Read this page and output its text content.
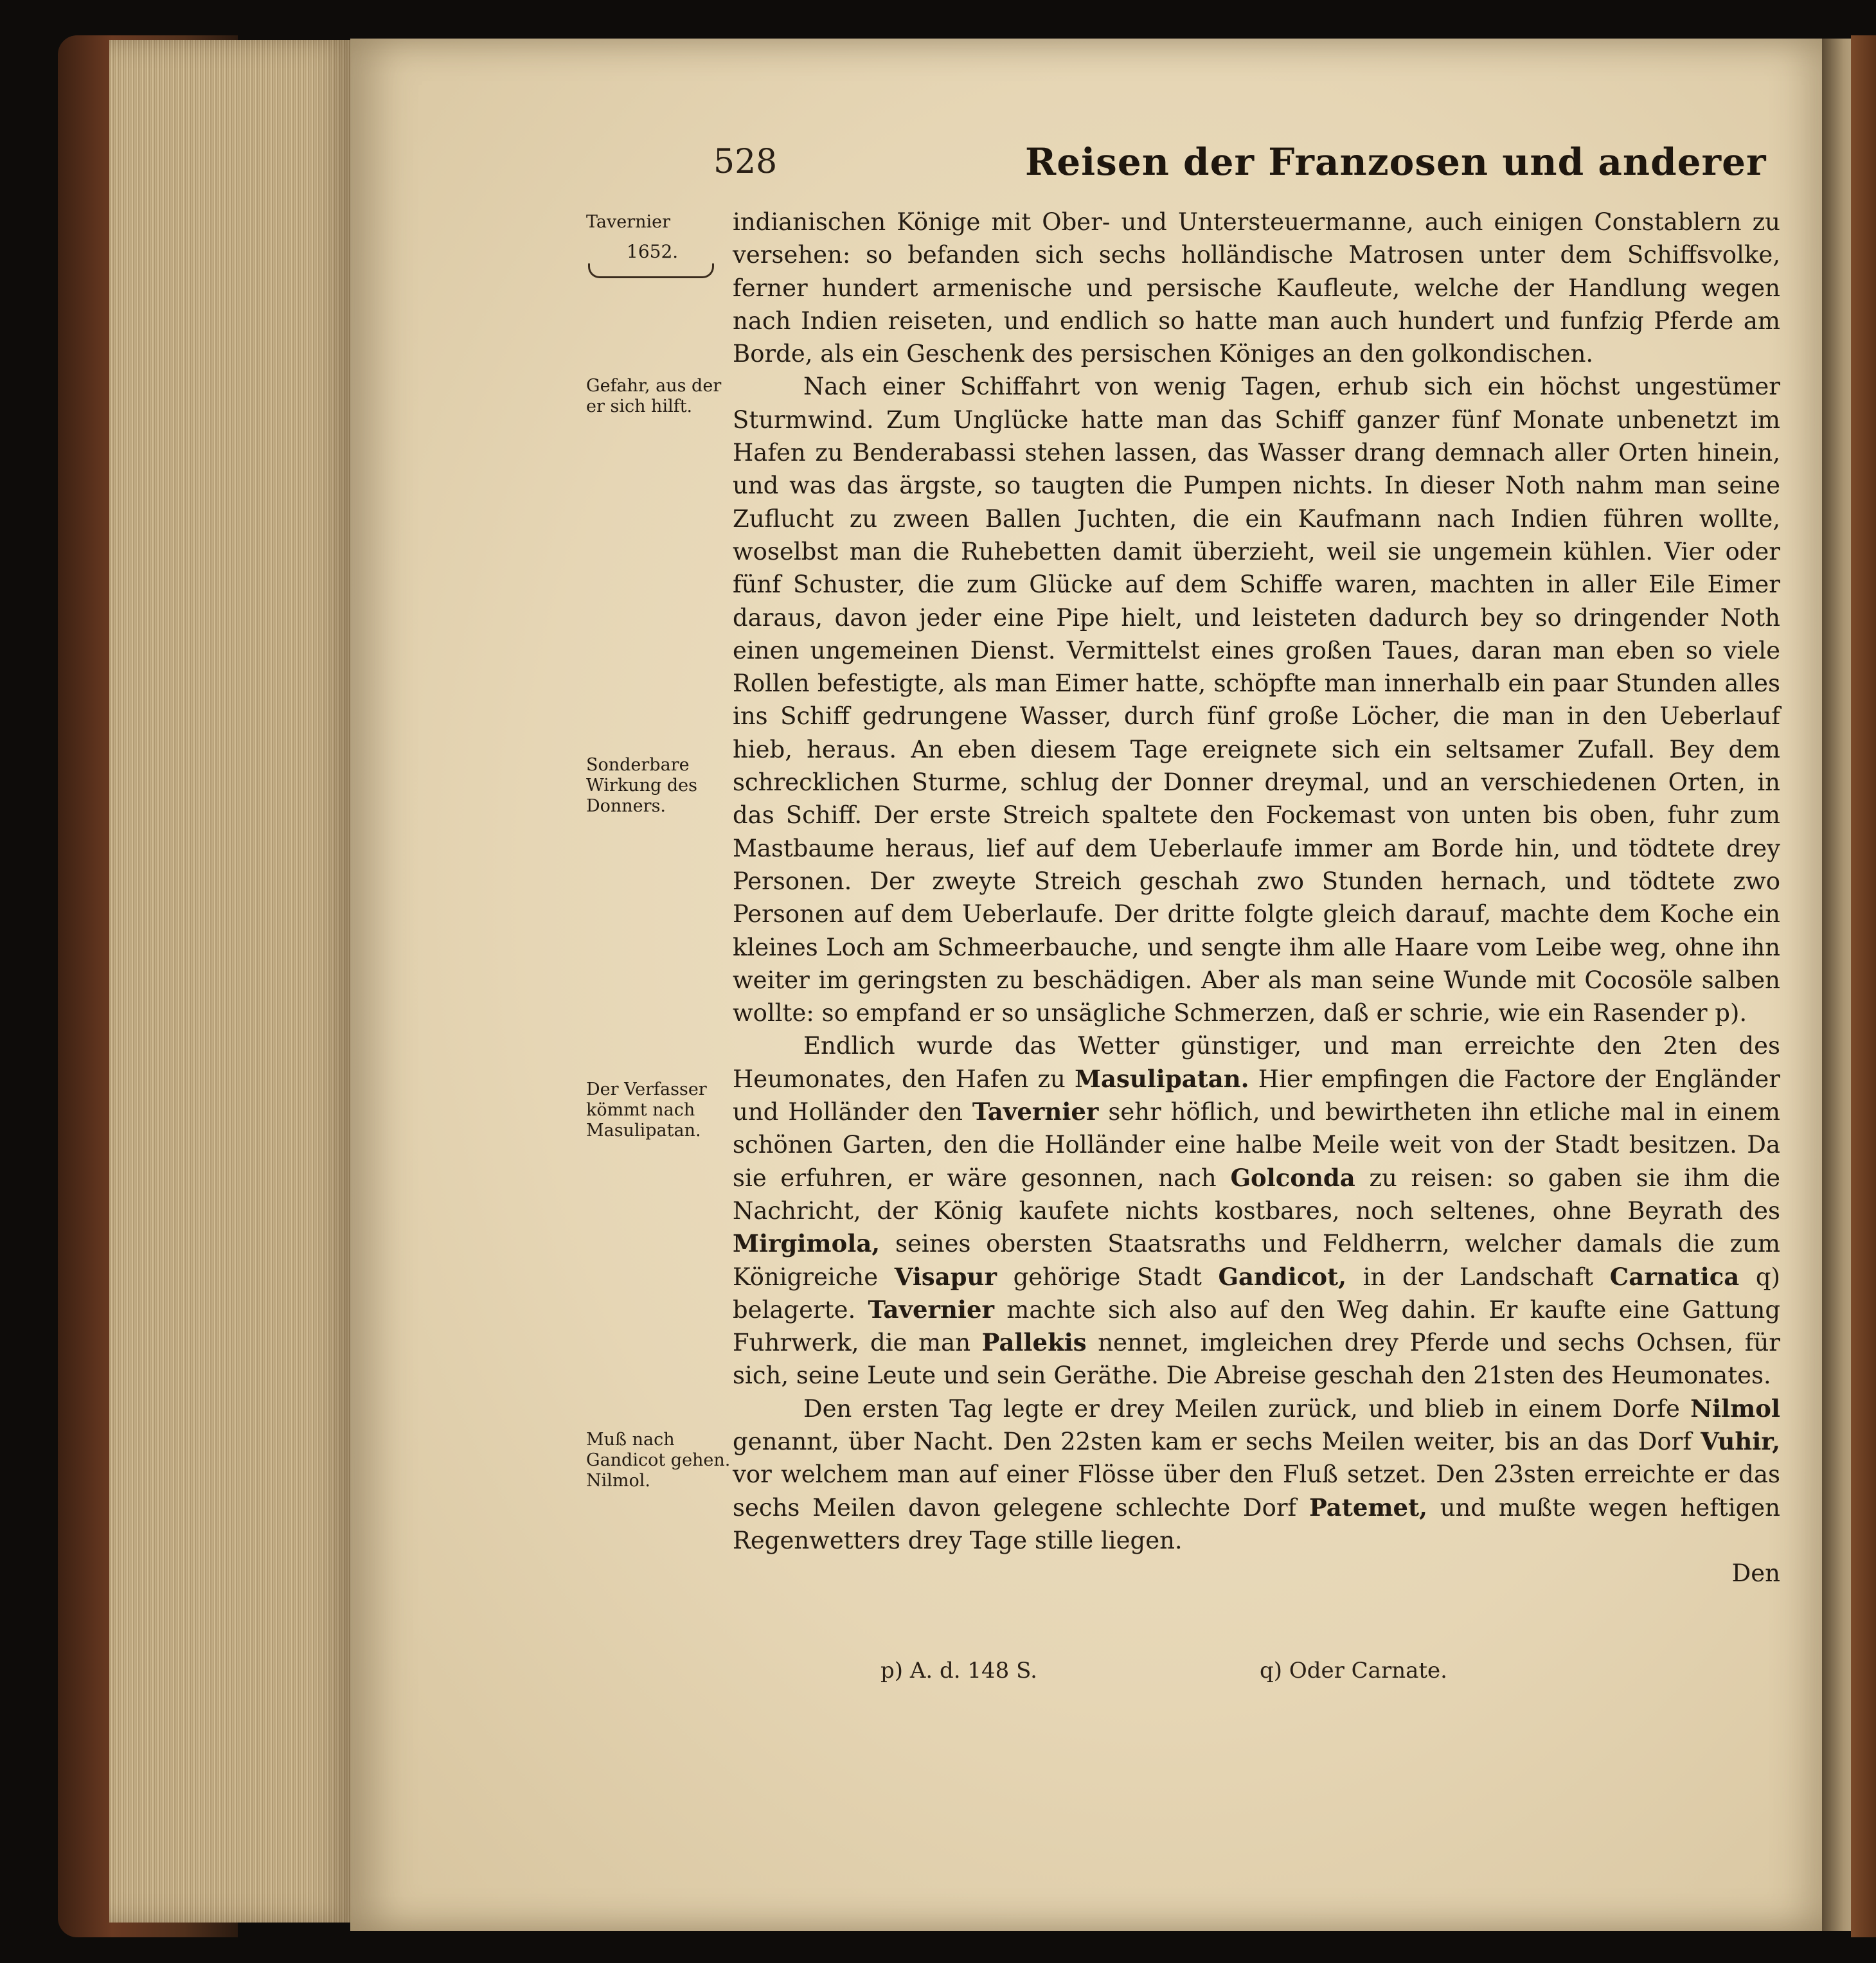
528	Reisen der Franzosen und anderer
Tavernier
1652.
Gefahr, aus der er sich hilft.
Sonderbare Wirkung des Donners.
Der Verfasser kömmt nach Masulipatan.
Muß nach Gandicot gehen. Nilmol.

indianischen Könige mit Ober- und Untersteuermanne, auch einigen Constablern zu versehen: so befanden sich sechs holländische Matrosen unter dem Schiffsvolke, ferner hundert armenische und persische Kaufleute, welche der Handlung wegen nach Indien reiseten, und endlich so hatte man auch hundert und funfzig Pferde am Borde, als ein Geschenk des persischen Königes an den golkondischen.

Nach einer Schiffahrt von wenig Tagen, erhub sich ein höchst ungestümer Sturmwind. Zum Unglücke hatte man das Schiff ganzer fünf Monate unbenetzt im Hafen zu Benderabassi stehen lassen, das Wasser drang demnach aller Orten hinein, und was das ärgste, so taugten die Pumpen nichts. In dieser Noth nahm man seine Zuflucht zu zween Ballen Juchten, die ein Kaufmann nach Indien führen wollte, woselbst man die Ruhebetten damit überzieht, weil sie ungemein kühlen. Vier oder fünf Schuster, die zum Glücke auf dem Schiffe waren, machten in aller Eile Eimer daraus, davon jeder eine Pipe hielt, und leisteten dadurch bey so dringender Noth einen ungemeinen Dienst. Vermittelst eines großen Taues, daran man eben so viele Rollen befestigte, als man Eimer hatte, schöpfte man innerhalb ein paar Stunden alles ins Schiff gedrungene Wasser, durch fünf große Löcher, die man in den Ueberlauf hieb, heraus. An eben diesem Tage ereignete sich ein seltsamer Zufall. Bey dem schrecklichen Sturme, schlug der Donner dreymal, und an verschiedenen Orten, in das Schiff. Der erste Streich spaltete den Fockemast von unten bis oben, fuhr zum Mastbaume heraus, lief auf dem Ueberlaufe immer am Borde hin, und tödtete drey Personen. Der zweyte Streich geschah zwo Stunden hernach, und tödtete zwo Personen auf dem Ueberlaufe. Der dritte folgte gleich darauf, machte dem Koche ein kleines Loch am Schmeerbauche, und sengte ihm alle Haare vom Leibe weg, ohne ihn weiter im geringsten zu beschädigen. Aber als man seine Wunde mit Cocosöle salben wollte: so empfand er so unsägliche Schmerzen, daß er schrie, wie ein Rasender p).

Endlich wurde das Wetter günstiger, und man erreichte den 2ten des Heumonates, den Hafen zu Masulipatan. Hier empfingen die Factore der Engländer und Holländer den Tavernier sehr höflich, und bewirtheten ihn etliche mal in einem schönen Garten, den die Holländer eine halbe Meile weit von der Stadt besitzen. Da sie erfuhren, er wäre gesonnen, nach Golconda zu reisen: so gaben sie ihm die Nachricht, der König kaufete nichts kostbares, noch seltenes, ohne Beyrath des Mirgimola, seines obersten Staatsraths und Feldherrn, welcher damals die zum Königreiche Visapur gehörige Stadt Gandicot, in der Landschaft Carnatica q) belagerte. Tavernier machte sich also auf den Weg dahin. Er kaufte eine Gattung Fuhrwerk, die man Pallekis nennet, imgleichen drey Pferde und sechs Ochsen, für sich, seine Leute und sein Geräthe. Die Abreise geschah den 21sten des Heumonates.

Den ersten Tag legte er drey Meilen zurück, und blieb in einem Dorfe Nilmol genannt, über Nacht. Den 22sten kam er sechs Meilen weiter, bis an das Dorf Vuhir, vor welchem man auf einer Flösse über den Fluß setzet. Den 23sten erreichte er das sechs Meilen davon gelegene schlechte Dorf Patemet, und mußte wegen heftigen Regenwetters drey Tage stille liegen.

Den

p) A. d. 148 S.	q) Oder Carnate.
